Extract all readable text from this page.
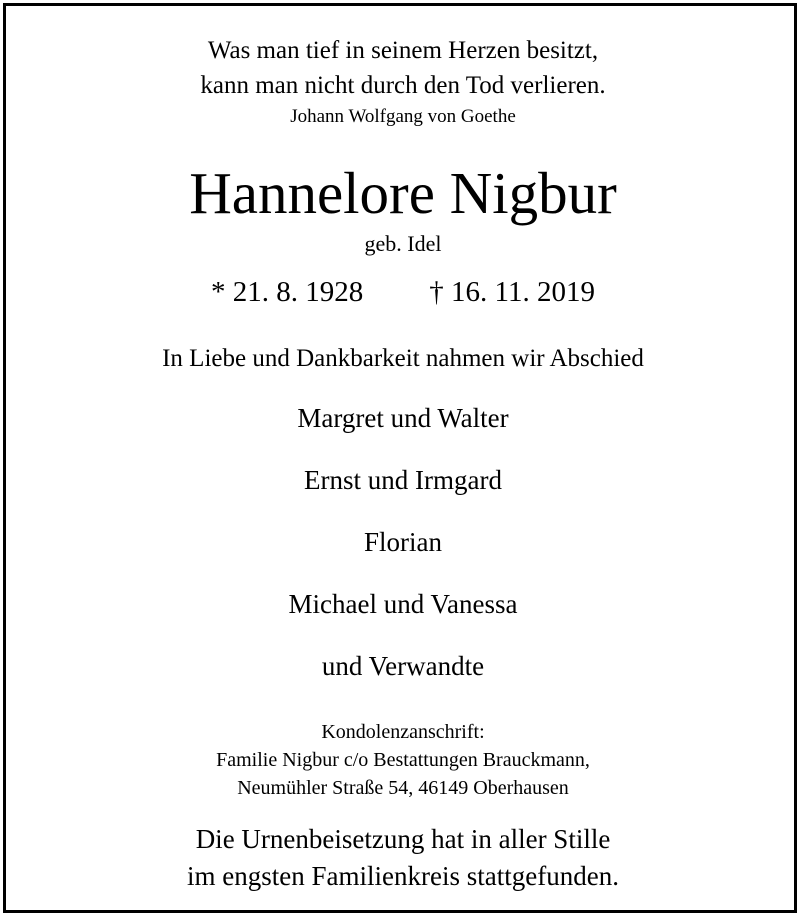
Was man tief in seinem Herzen besitzt,
kann man nicht durch den Tod verlieren.
Johann Wolfgang von Goethe
Hannelore Nigbur
geb. Idel
* 21. 8. 1928 † 16. 11. 2019
In Liebe und Dankbarkeit nahmen wir Abschied
Margret und Walter
Ernst und Irmgard
Florian
Michael und Vanessa
und Verwandte
Kondolenzanschrift:
Familie Nigbur c/o Bestattungen Brauckmann,
Neumühler Straße 54, 46149 Oberhausen
Die Urnenbeisetzung hat in aller Stille
im engsten Familienkreis stattgefunden.
